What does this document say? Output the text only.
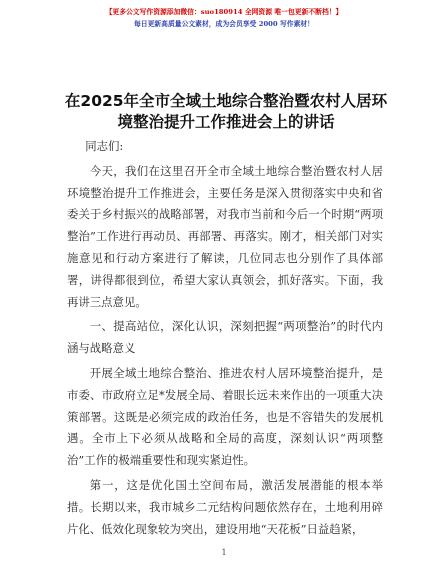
【更多公文写作资源添加微信：suo180914 全网资源 唯一包更新不断档！】
每日更新高质量公文素材，成为会员享受 2000 写作素材！
在2025年全市全域土地综合整治暨农村人居环境整治提升工作推进会上的讲话

同志们:

今天，我们在这里召开全市全域土地综合整治暨农村人居环境整治提升工作推进会，主要任务是深入贯彻落实中央和省委关于乡村振兴的战略部署，对我市当前和今后一个时期“两项整治”工作进行再动员、再部署、再落实。刚才，相关部门对实施意见和行动方案进行了解读，几位同志也分别作了具体部署，讲得都很到位，希望大家认真领会，抓好落实。下面，我再讲三点意见。

一、提高站位，深化认识，深刻把握“两项整治”的时代内涵与战略意义

开展全域土地综合整治、推进农村人居环境整治提升，是市委、市政府立足*发展全局、着眼长远未来作出的一项重大决策部署。这既是必须完成的政治任务，也是不容错失的发展机遇。全市上下必须从战略和全局的高度，深刻认识“两项整治”工作的极端重要性和现实紧迫性。

第一，这是优化国土空间布局，激活发展潜能的根本举措。长期以来，我市城乡二元结构问题依然存在，土地利用碎片化、低效化现象较为突出，建设用地“天花板”日益趋紧，

1
